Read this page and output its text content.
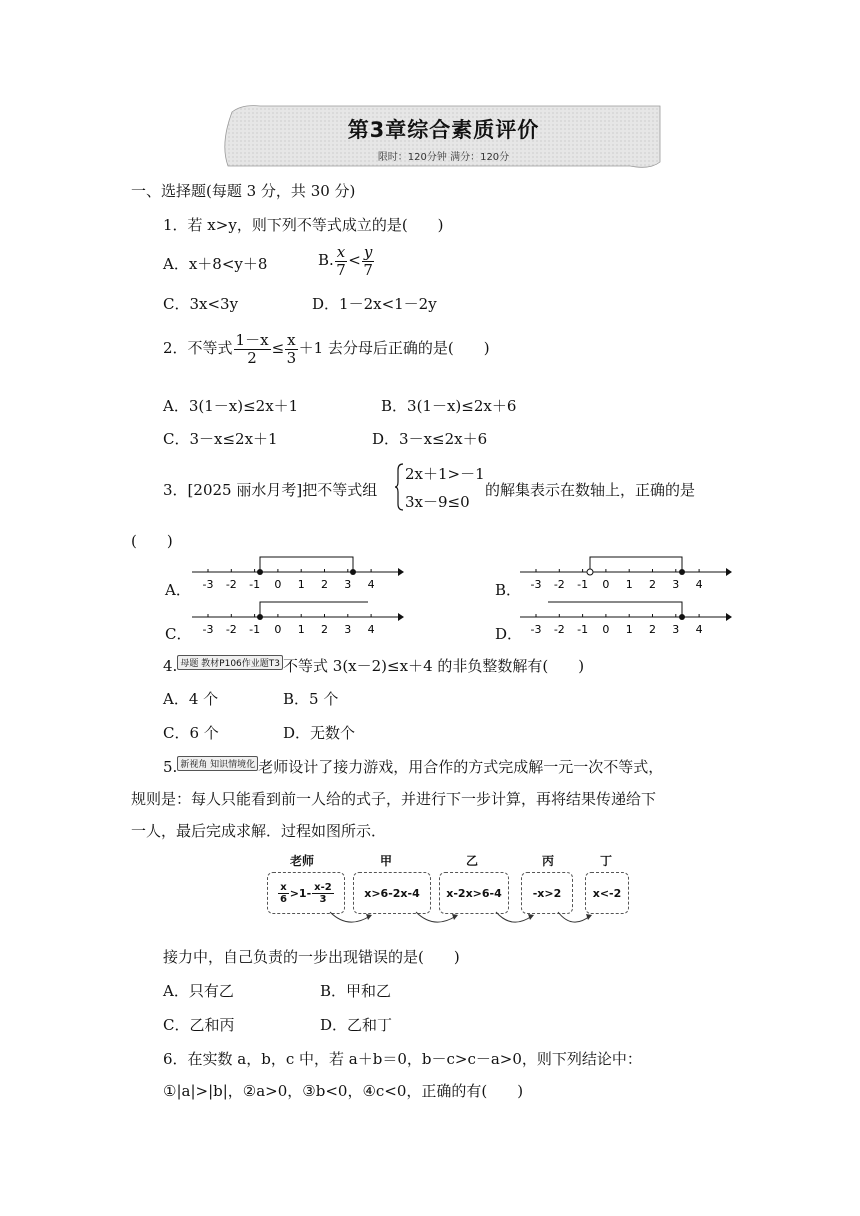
第3章综合素质评价
限时：120分钟 满分：120分
一、选择题(每题 3 分，共 30 分)
1．若 x>y，则下列不等式成立的是(　　)
A．x＋8<y＋8	B. $\frac{x}{7} < \frac{y}{7}$
C．3x<3y	D．1－2x<1－2y
2．不等式 $\frac{1-x}{2} \le \frac{x}{3} +1$ 去分母后正确的是(　　)
A．3(1－x)≤2x＋1	B．3(1－x)≤2x＋6
C．3－x≤2x＋1	D．3－x≤2x＋6
3．[2025 丽水月考]把不等式组
2x＋1>－1
3x－9≤0
的解集表示在数轴上，正确的是
(　　)
A．	B．
C．	D．
-3 -2 -1 0 1 2 3 4	-3 -2 -1 0 1 2 3 4
-3 -2 -1 0 1 2 3 4	-3 -2 -1 0 1 2 3 4
4. 母题 教材P106作业题T3 不等式 3(x－2)≤x＋4 的非负整数解有(　　)
A．4 个	B．5 个
C．6 个	D．无数个
5. 新视角 知识情境化 老师设计了接力游戏，用合作的方式完成解一元一次不等式，
规则是：每人只能看到前一人给的式子，并进行下一步计算，再将结果传递给下
一人，最后完成求解．过程如图所示．
老师	甲	乙	丙	丁
$\frac{x}{6} >1- \frac{x-2}{3}$	x>6-2x-4	x-2x>6-4	-x>2	x<-2
接力中，自己负责的一步出现错误的是(　　)
A．只有乙	B．甲和乙
C．乙和丙	D．乙和丁
6．在实数 a，b，c 中，若 a＋b＝0，b－c>c－a>0，则下列结论中：
①|a|>|b|，②a>0，③b<0，④c<0，正确的有(　　)
